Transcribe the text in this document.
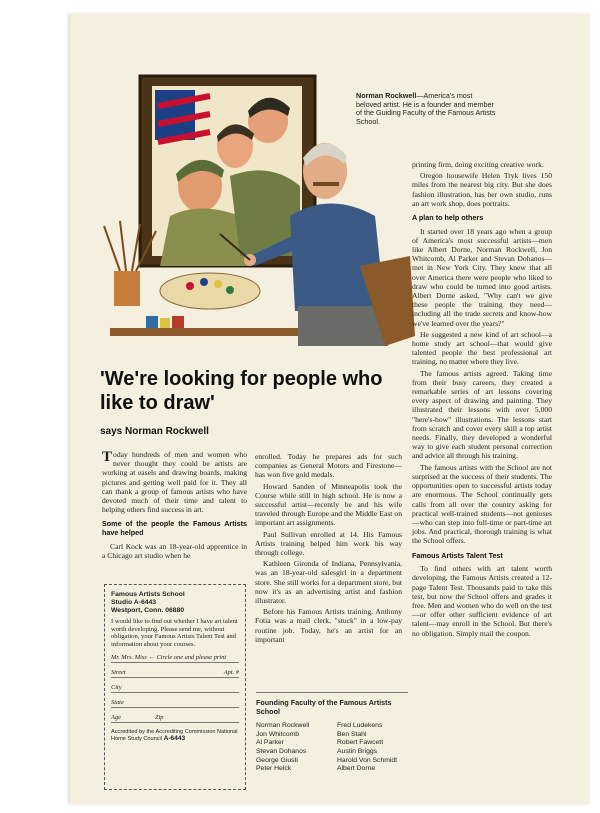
Norman Rockwell—America's most beloved artist. He is a founder and member of the Guiding Faculty of the Famous Artists School.
'We're looking for people who like to draw'
says Norman Rockwell

Today hundreds of men and women who never thought they could be artists are working at easels and drawing boards, making pictures and getting well paid for it. They all can thank a group of famous artists who have devoted much of their time and talent to helping others find success in art.

Some of the people the Famous Artists have helped

Carl Kock was an 18-year-old apprentice in a Chicago art studio when he

Famous Artists School
Studio A-6443
Westport, Conn. 06880
I would like to find out whether I have art talent worth developing. Please send me, without obligation, your Famous Artists Talent Test and information about your courses.
Mr. Mrs. Miss ← Circle one and please print
Street	Apt. #
City
State
Age	Zip
Accredited by the Accrediting Commission National Home Study Council A-6443

enrolled. Today he prepares ads for such companies as General Motors and Firestone—has won five gold medals.

Howard Sanden of Minneapolis took the Course while still in high school. He is now a successful artist—recently he and his wife traveled through Europe and the Middle East on important art assignments.

Paul Sullivan enrolled at 14. His Famous Artists training helped him work his way through college.

Kathleen Gironda of Indiana, Pennsylvania, was an 18-year-old salesgirl in a department store. She still works for a department store, but now it's as an advertising artist and fashion illustrator.

Before his Famous Artists training, Anthony Fotia was a mail clerk, "stuck" in a low-pay routine job. Today, he's an artist for an important

Founding Faculty of the Famous Artists School
Norman Rockwell
Jon Whitcomb
Al Parker
Stevan Dohanos
George Giusti
Peter Helck
Fred Ludekens
Ben Stahl
Robert Fawcett
Austin Briggs
Harold Von Schmidt
Albert Dorne

printing firm, doing exciting creative work.

Oregon housewife Helen Tryk lives 150 miles from the nearest big city. But she does fashion illustration, has her own studio, runs an art work shop, does portraits.

A plan to help others

It started over 18 years ago when a group of America's most successful artists—men like Albert Dorne, Norman Rockwell, Jon Whitcomb, Al Parker and Stevan Dohanos—met in New York City. They knew that all over America there were people who liked to draw who could be turned into good artists. Albert Dorne asked, "Why can't we give these people the training they need—including all the trade secrets and know-how we've learned over the years?"

He suggested a new kind of art school—a home study art school—that would give talented people the best professional art training, no matter where they live.

The famous artists agreed. Taking time from their busy careers, they created a remarkable series of art lessons covering every aspect of drawing and painting. They illustrated their lessons with over 5,000 "here's-how" illustrations. The lessons start from scratch and cover every skill a top artist needs. Finally, they developed a wonderful way to give each student personal correction and advice all through his training.

The famous artists with the School are not surprised at the success of their students. The opportunities open to successful artists today are enormous. The School continually gets calls from all over the country asking for practical well-trained students—not geniuses—who can step into full-time or part-time art jobs. And practical, thorough training is what the School offers.

Famous Artists Talent Test

To find others with art talent worth developing, the Famous Artists created a 12-page Talent Test. Thousands paid to take this test, but now the School offers and grades it free. Men and women who do well on the test—or offer other sufficient evidence of art talent—may enroll in the School. But there's no obligation. Simply mail the coupon.
